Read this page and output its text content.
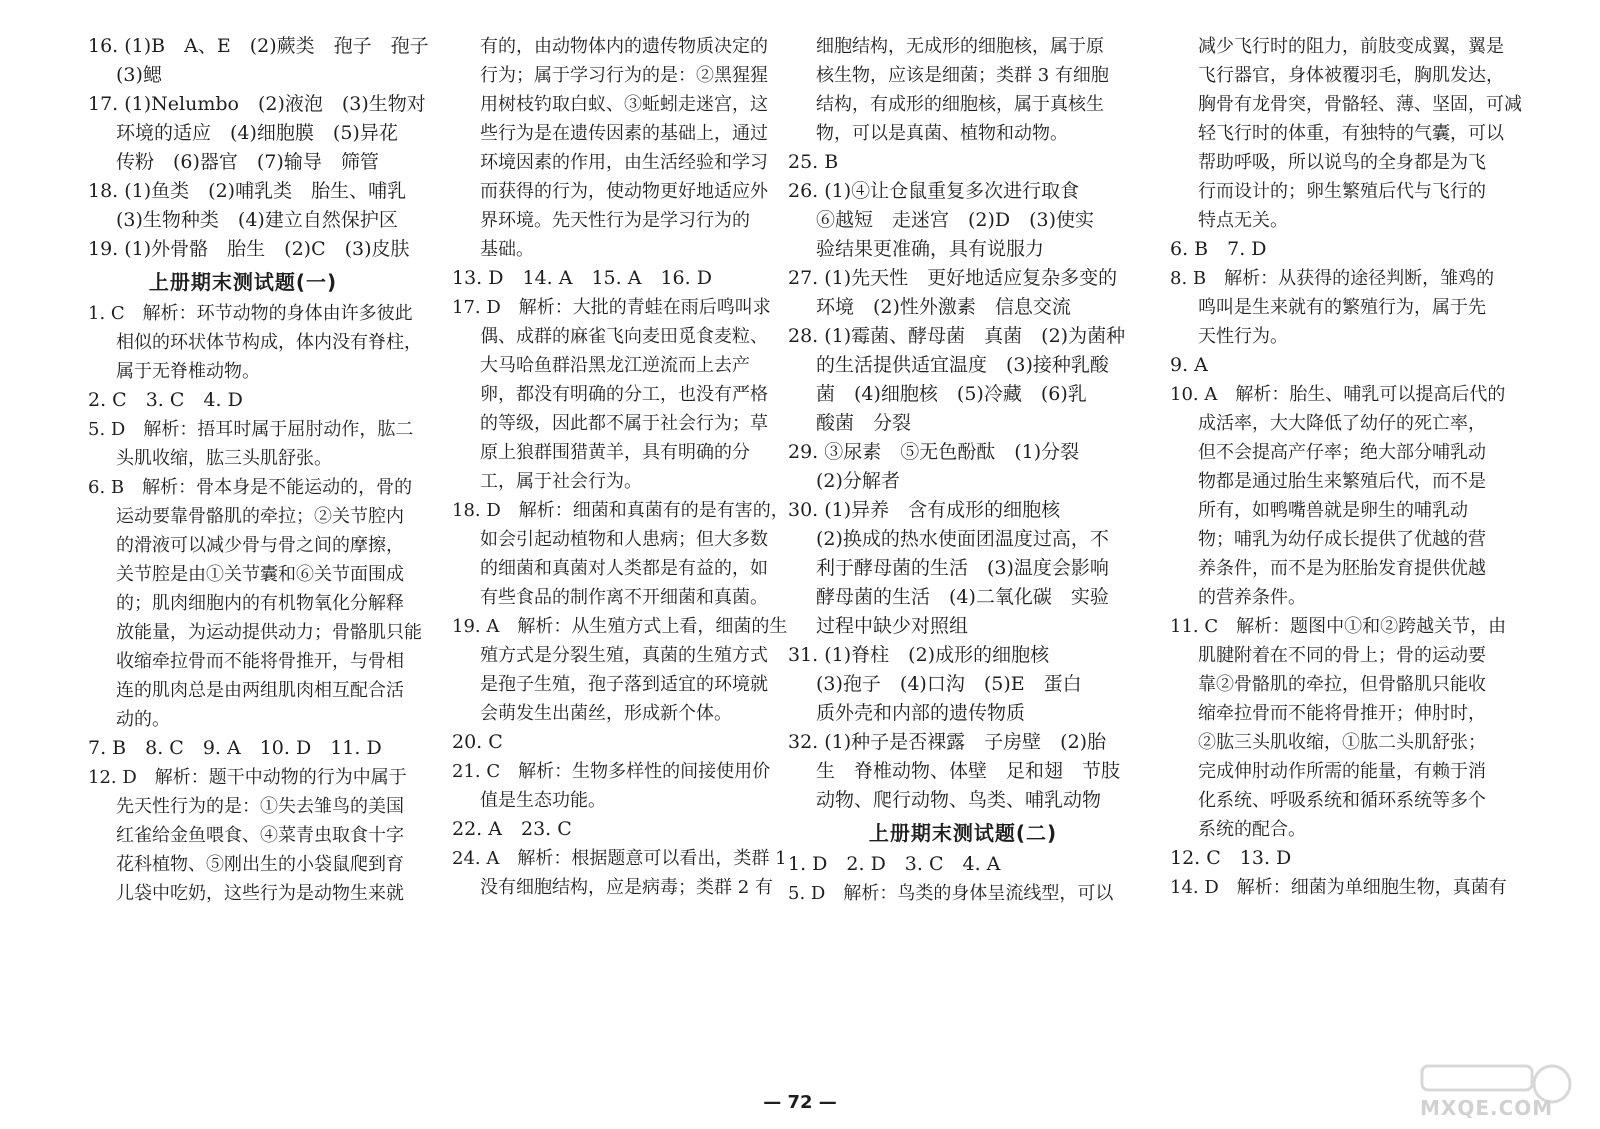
16. (1)B　A、E　(2)蕨类　孢子　孢子
(3)鳃
17. (1)Nelumbo　(2)液泡　(3)生物对
环境的适应　(4)细胞膜　(5)异花
传粉　(6)器官　(7)输导　筛管
18. (1)鱼类　(2)哺乳类　胎生、哺乳
(3)生物种类　(4)建立自然保护区
19. (1)外骨骼　胎生　(2)C　(3)皮肤
上册期末测试题(一)
1. C　解析：环节动物的身体由许多彼此
相似的环状体节构成，体内没有脊柱，
属于无脊椎动物。
2. C　3. C　4. D
5. D　解析：捂耳时属于屈肘动作，肱二
头肌收缩，肱三头肌舒张。
6. B　解析：骨本身是不能运动的，骨的
运动要靠骨骼肌的牵拉；②关节腔内
的滑液可以减少骨与骨之间的摩擦，
关节腔是由①关节囊和⑥关节面围成
的；肌肉细胞内的有机物氧化分解释
放能量，为运动提供动力；骨骼肌只能
收缩牵拉骨而不能将骨推开，与骨相
连的肌肉总是由两组肌肉相互配合活
动的。
7. B　8. C　9. A　10. D　11. D
12. D　解析：题干中动物的行为中属于
先天性行为的是：①失去雏鸟的美国
红雀给金鱼喂食、④菜青虫取食十字
花科植物、⑤刚出生的小袋鼠爬到育
儿袋中吃奶，这些行为是动物生来就
有的，由动物体内的遗传物质决定的
行为；属于学习行为的是：②黑猩猩
用树枝钓取白蚁、③蚯蚓走迷宫，这
些行为是在遗传因素的基础上，通过
环境因素的作用，由生活经验和学习
而获得的行为，使动物更好地适应外
界环境。先天性行为是学习行为的
基础。
13. D　14. A　15. A　16. D
17. D　解析：大批的青蛙在雨后鸣叫求
偶、成群的麻雀飞向麦田觅食麦粒、
大马哈鱼群沿黑龙江逆流而上去产
卵，都没有明确的分工，也没有严格
的等级，因此都不属于社会行为；草
原上狼群围猎黄羊，具有明确的分
工，属于社会行为。
18. D　解析：细菌和真菌有的是有害的，
如会引起动植物和人患病；但大多数
的细菌和真菌对人类都是有益的，如
有些食品的制作离不开细菌和真菌。
19. A　解析：从生殖方式上看，细菌的生
殖方式是分裂生殖，真菌的生殖方式
是孢子生殖，孢子落到适宜的环境就
会萌发生出菌丝，形成新个体。
20. C
21. C　解析：生物多样性的间接使用价
值是生态功能。
22. A　23. C
24. A　解析：根据题意可以看出，类群 1
没有细胞结构，应是病毒；类群 2 有
细胞结构，无成形的细胞核，属于原
核生物，应该是细菌；类群 3 有细胞
结构，有成形的细胞核，属于真核生
物，可以是真菌、植物和动物。
25. B
26. (1)④让仓鼠重复多次进行取食
⑥越短　走迷宫　(2)D　(3)使实
验结果更准确，具有说服力
27. (1)先天性　更好地适应复杂多变的
环境　(2)性外激素　信息交流
28. (1)霉菌、酵母菌　真菌　(2)为菌种
的生活提供适宜温度　(3)接种乳酸
菌　(4)细胞核　(5)冷藏　(6)乳
酸菌　分裂
29. ③尿素　⑤无色酚酞　(1)分裂
(2)分解者
30. (1)异养　含有成形的细胞核
(2)换成的热水使面团温度过高，不
利于酵母菌的生活　(3)温度会影响
酵母菌的生活　(4)二氧化碳　实验
过程中缺少对照组
31. (1)脊柱　(2)成形的细胞核
(3)孢子　(4)口沟　(5)E　蛋白
质外壳和内部的遗传物质
32. (1)种子是否裸露　子房壁　(2)胎
生　脊椎动物、体壁　足和翅　节肢
动物、爬行动物、鸟类、哺乳动物
上册期末测试题(二)
1. D　2. D　3. C　4. A
5. D　解析：鸟类的身体呈流线型，可以
减少飞行时的阻力，前肢变成翼，翼是
飞行器官，身体被覆羽毛，胸肌发达，
胸骨有龙骨突，骨骼轻、薄、坚固，可减
轻飞行时的体重，有独特的气囊，可以
帮助呼吸，所以说鸟的全身都是为飞
行而设计的；卵生繁殖后代与飞行的
特点无关。
6. B　7. D
8. B　解析：从获得的途径判断，雏鸡的
鸣叫是生来就有的繁殖行为，属于先
天性行为。
9. A
10. A　解析：胎生、哺乳可以提高后代的
成活率，大大降低了幼仔的死亡率，
但不会提高产仔率；绝大部分哺乳动
物都是通过胎生来繁殖后代，而不是
所有，如鸭嘴兽就是卵生的哺乳动
物；哺乳为幼仔成长提供了优越的营
养条件，而不是为胚胎发育提供优越
的营养条件。
11. C　解析：题图中①和②跨越关节，由
肌腱附着在不同的骨上；骨的运动要
靠②骨骼肌的牵拉，但骨骼肌只能收
缩牵拉骨而不能将骨推开；伸肘时，
②肱三头肌收缩，①肱二头肌舒张；
完成伸肘动作所需的能量，有赖于消
化系统、呼吸系统和循环系统等多个
系统的配合。
12. C　13. D
14. D　解析：细菌为单细胞生物，真菌有
— 72 —	MXQE.COM
